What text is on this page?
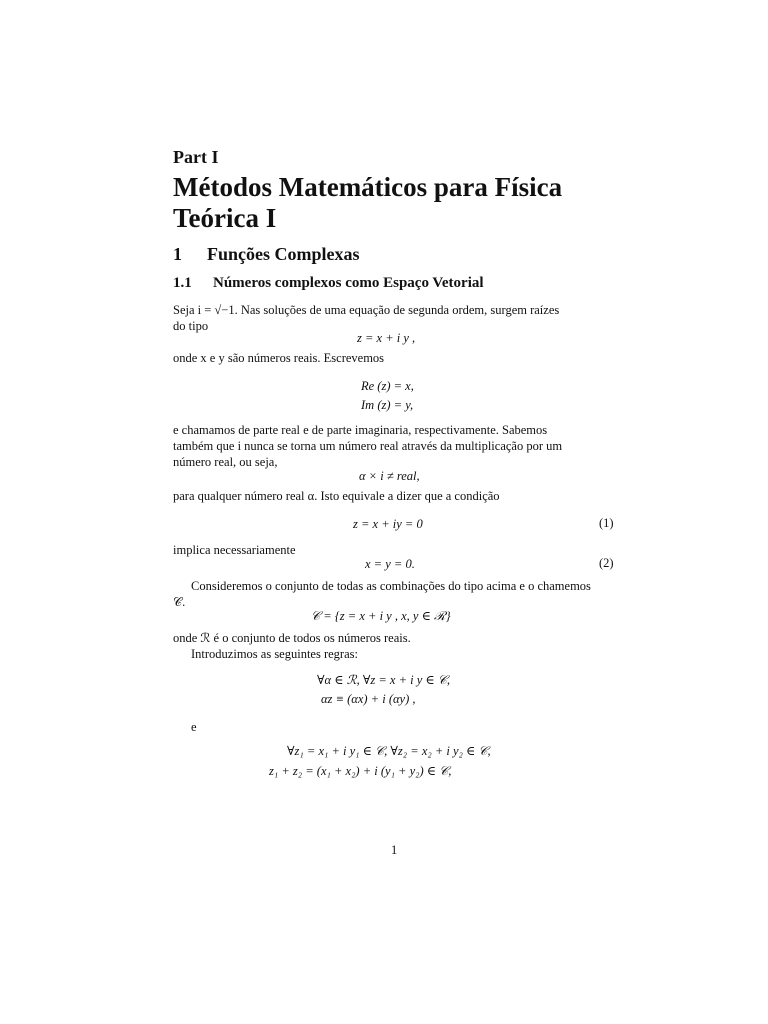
Part I
Métodos Matemáticos para Física
Teórica I
1 Funções Complexas
1.1 Números complexos como Espaço Vetorial
Seja i = √−1. Nas soluções de uma equação de segunda ordem, surgem raízes
do tipo
z = x + i y ,
onde x e y são números reais. Escrevemos
Re (z) = x,
Im (z) = y,
e chamamos de parte real e de parte imaginaria, respectivamente. Sabemos
também que i nunca se torna um número real através da multiplicação por um
número real, ou seja,
α × i ≠ real,
para qualquer número real α. Isto equivale a dizer que a condição
z = x + iy = 0	(1)
implica necessariamente
x = y = 0.	(2)
Consideremos o conjunto de todas as combinações do tipo acima e o chamemos
𝒞.
𝒞 = {z = x + i y , x, y ∈ ℛ}
onde ℛ é o conjunto de todos os números reais.
Introduzimos as seguintes regras:
∀α ∈ ℛ, ∀z = x + i y ∈ 𝒞,
αz ≡ (αx) + i (αy) ,
e
∀z₁ = x₁ + i y₁ ∈ 𝒞, ∀z₂ = x₂ + i y₂ ∈ 𝒞,
z₁ + z₂ = (x₁ + x₂) + i (y₁ + y₂) ∈ 𝒞,
1
